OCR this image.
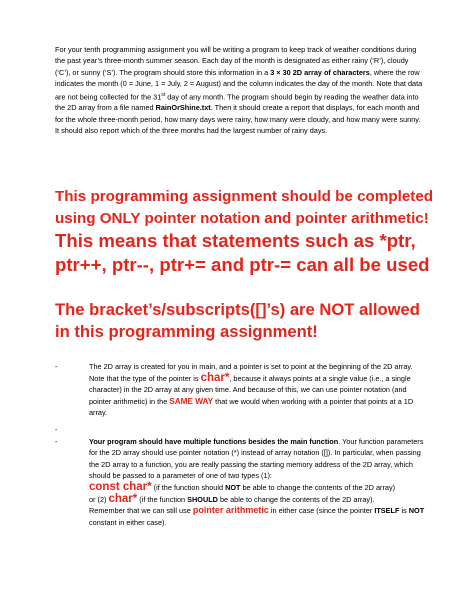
For your tenth programming assignment you will be writing a program to keep track of weather conditions during the past year’s three-month summer season. Each day of the month is designated as either rainy (‘R’), cloudy (‘C’), or sunny (‘S’). The program should store this information in a 3 × 30 2D array of characters, where the row indicates the month (0 = June, 1 = July, 2 = August) and the column indicates the day of the month. Note that data are not being collected for the 31st day of any month. The program should begin by reading the weather data into the 2D array from a file named RainOrShine.txt. Then it should create a report that displays, for each month and for the whole three-month period, how many days were rainy, how many were cloudy, and how many were sunny. It should also report which of the three months had the largest number of rainy days.
This programming assignment should be completed using ONLY pointer notation and pointer arithmetic! This means that statements such as *ptr, ptr++, ptr--, ptr+= and ptr-= can all be used
The bracket’s/subscripts([]’s) are NOT allowed in this programming assignment!
-	The 2D array is created for you in main, and a pointer is set to point at the beginning of the 2D array. Note that the type of the pointer is char*, because it always points at a single value (i.e., a single character) in the 2D array at any given time. And because of this, we can use pointer notation (and pointer arithmetic) in the SAME WAY that we would when working with a pointer that points at a 1D array.
-

-	Your program should have multiple functions besides the main function. Your function parameters for the 2D array should use pointer notation (*) instead of array notation ([]). In particular, when passing the 2D array to a function, you are really passing the starting memory address of the 2D array, which should be passed to a parameter of one of two types (1):
const char* (if the function should NOT be able to change the contents of the 2D array)
or (2) char* (if the function SHOULD be able to change the contents of the 2D array).
Remember that we can still use pointer arithmetic in either case (since the pointer ITSELF is NOT constant in either case).
